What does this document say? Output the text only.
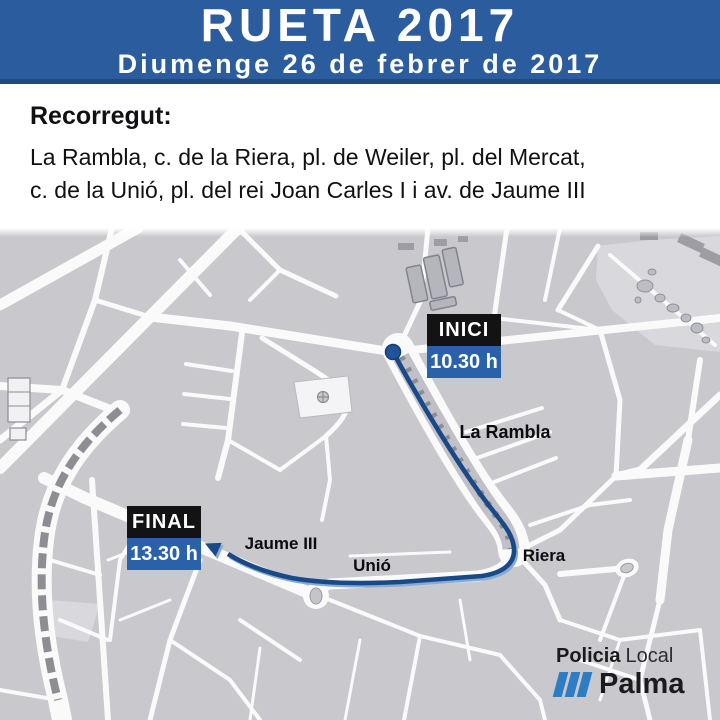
RUETA 2017
Diumenge 26 de febrer de 2017

Recorregut:

La Rambla, c. de la Riera, pl. de Weiler, pl. del Mercat,

c. de la Unió, pl. del rei Joan Carles I i av. de Jaume III

La Rambla
Riera
Unió
Jaume III
INICI
10.30 h
FINAL
13.30 h
Policia Local
Palma
